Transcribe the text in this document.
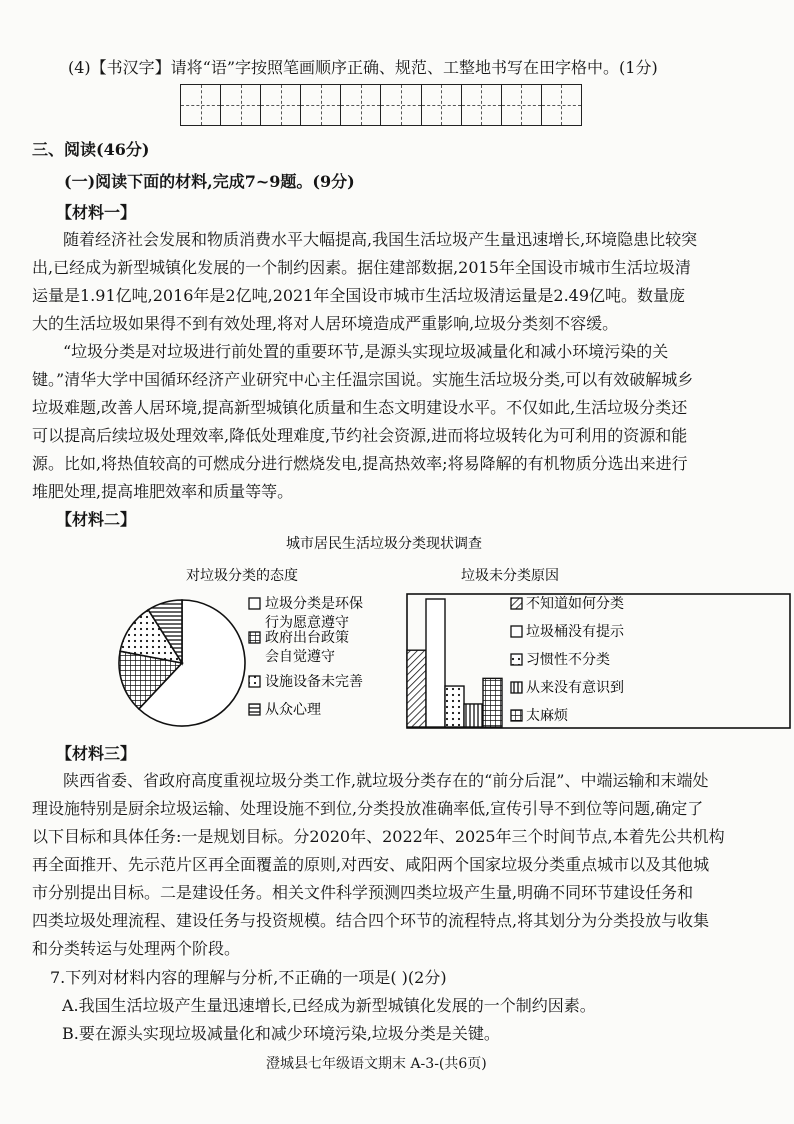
(4)【书汉字】请将“语”字按照笔画顺序正确、规范、工整地书写在田字格中。(1分)
三、阅读(46分)
(一)阅读下面的材料,完成7~9题。(9分)
【材料一】
随着经济社会发展和物质消费水平大幅提高,我国生活垃圾产生量迅速增长,环境隐患比较突
出,已经成为新型城镇化发展的一个制约因素。据住建部数据,2015年全国设市城市生活垃圾清
运量是1.91亿吨,2016年是2亿吨,2021年全国设市城市生活垃圾清运量是2.49亿吨。数量庞
大的生活垃圾如果得不到有效处理,将对人居环境造成严重影响,垃圾分类刻不容缓。
“垃圾分类是对垃圾进行前处置的重要环节,是源头实现垃圾减量化和减小环境污染的关
键。”清华大学中国循环经济产业研究中心主任温宗国说。实施生活垃圾分类,可以有效破解城乡
垃圾难题,改善人居环境,提高新型城镇化质量和生态文明建设水平。不仅如此,生活垃圾分类还
可以提高后续垃圾处理效率,降低处理难度,节约社会资源,进而将垃圾转化为可利用的资源和能
源。比如,将热值较高的可燃成分进行燃烧发电,提高热效率;将易降解的有机物质分选出来进行
堆肥处理,提高堆肥效率和质量等等。
【材料二】
城市居民生活垃圾分类现状调查
对垃圾分类的态度	垃圾未分类原因
垃圾分类是环保
行为愿意遵守
政府出台政策
会自觉遵守
设施设备未完善
从众心理
不知道如何分类
垃圾桶没有提示
习惯性不分类
从来没有意识到
太麻烦
【材料三】
陕西省委、省政府高度重视垃圾分类工作,就垃圾分类存在的“前分后混”、中端运输和末端处
理设施特别是厨余垃圾运输、处理设施不到位,分类投放准确率低,宣传引导不到位等问题,确定了
以下目标和具体任务:一是规划目标。分2020年、2022年、2025年三个时间节点,本着先公共机构
再全面推开、先示范片区再全面覆盖的原则,对西安、咸阳两个国家垃圾分类重点城市以及其他城
市分别提出目标。二是建设任务。相关文件科学预测四类垃圾产生量,明确不同环节建设任务和
四类垃圾处理流程、建设任务与投资规模。结合四个环节的流程特点,将其划分为分类投放与收集
和分类转运与处理两个阶段。
7.下列对材料内容的理解与分析,不正确的一项是( )(2分)
A.我国生活垃圾产生量迅速增长,已经成为新型城镇化发展的一个制约因素。
B.要在源头实现垃圾减量化和减少环境污染,垃圾分类是关键。
澄城县七年级语文期末 A-3-(共6页)
